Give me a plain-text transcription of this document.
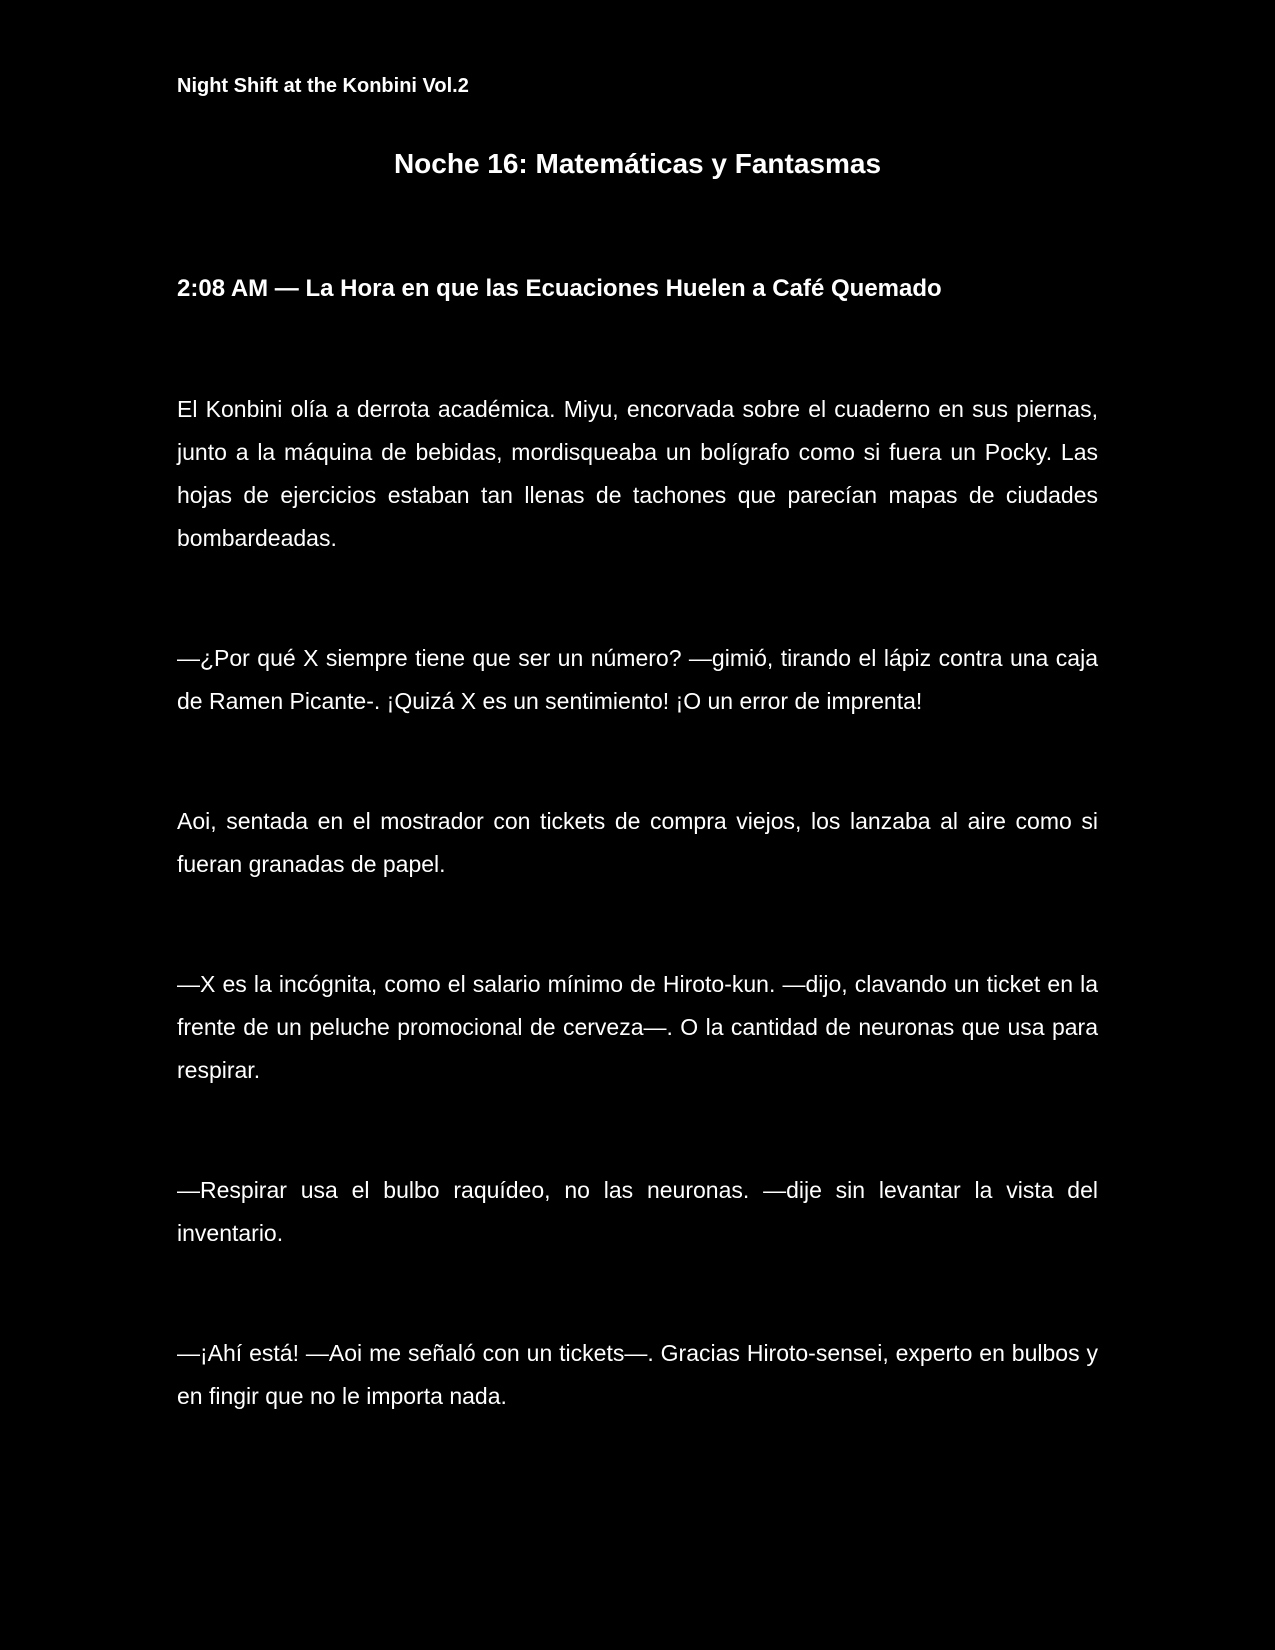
Night Shift at the Konbini Vol.2
Noche 16: Matemáticas y Fantasmas
2:08 AM — La Hora en que las Ecuaciones Huelen a Café Quemado

El Konbini olía a derrota académica. Miyu, encorvada sobre el cuaderno en sus piernas, junto a la máquina de bebidas, mordisqueaba un bolígrafo como si fuera un Pocky. Las hojas de ejercicios estaban tan llenas de tachones que parecían mapas de ciudades bombardeadas.

—¿Por qué X siempre tiene que ser un número? —gimió, tirando el lápiz contra una caja de Ramen Picante-. ¡Quizá X es un sentimiento! ¡O un error de imprenta!

Aoi, sentada en el mostrador con tickets de compra viejos, los lanzaba al aire como si fueran granadas de papel.

—X es la incógnita, como el salario mínimo de Hiroto-kun. —dijo, clavando un ticket en la frente de un peluche promocional de cerveza—. O la cantidad de neuronas que usa para respirar.

—Respirar usa el bulbo raquídeo, no las neuronas. —dije sin levantar la vista del inventario.

—¡Ahí está! —Aoi me señaló con un tickets—. Gracias Hiroto-sensei, experto en bulbos y en fingir que no le importa nada.
